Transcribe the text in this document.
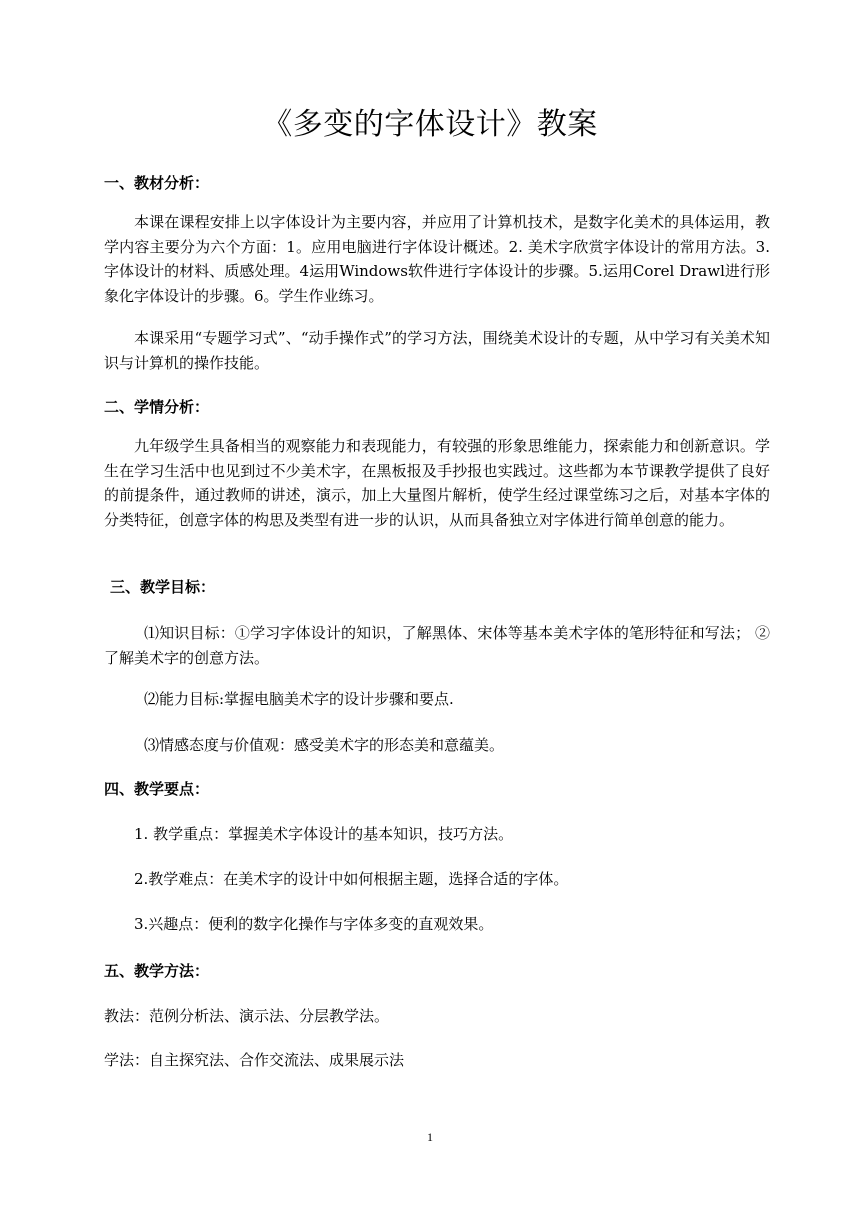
《多变的字体设计》教案
一、教材分析：

本课在课程安排上以字体设计为主要内容，并应用了计算机技术，是数字化美术的具体运用，教学内容主要分为六个方面：1。应用电脑进行字体设计概述。2. 美术字欣赏字体设计的常用方法。3.字体设计的材料、质感处理。4运用Windows软件进行字体设计的步骤。5.运用Corel Drawl进行形象化字体设计的步骤。6。学生作业练习。

本课采用“专题学习式”、“动手操作式”的学习方法，围绕美术设计的专题，从中学习有关美术知识与计算机的操作技能。

二、学情分析：

九年级学生具备相当的观察能力和表现能力，有较强的形象思维能力，探索能力和创新意识。学生在学习生活中也见到过不少美术字，在黑板报及手抄报也实践过。这些都为本节课教学提供了良好的前提条件，通过教师的讲述，演示，加上大量图片解析，使学生经过课堂练习之后，对基本字体的分类特征，创意字体的构思及类型有进一步的认识，从而具备独立对字体进行简单创意的能力。

三、教学目标：

⑴知识目标：①学习字体设计的知识，了解黑体、宋体等基本美术字体的笔形特征和写法； ②了解美术字的创意方法。

⑵能力目标:掌握电脑美术字的设计步骤和要点.
⑶情感态度与价值观：感受美术字的形态美和意蕴美。
四、教学要点：
1. 教学重点：掌握美术字体设计的基本知识，技巧方法。
2.教学难点：在美术字的设计中如何根据主题，选择合适的字体。
3.兴趣点：便利的数字化操作与字体多变的直观效果。
五、教学方法：
教法：范例分析法、演示法、分层教学法。
学法：自主探究法、合作交流法、成果展示法
1
